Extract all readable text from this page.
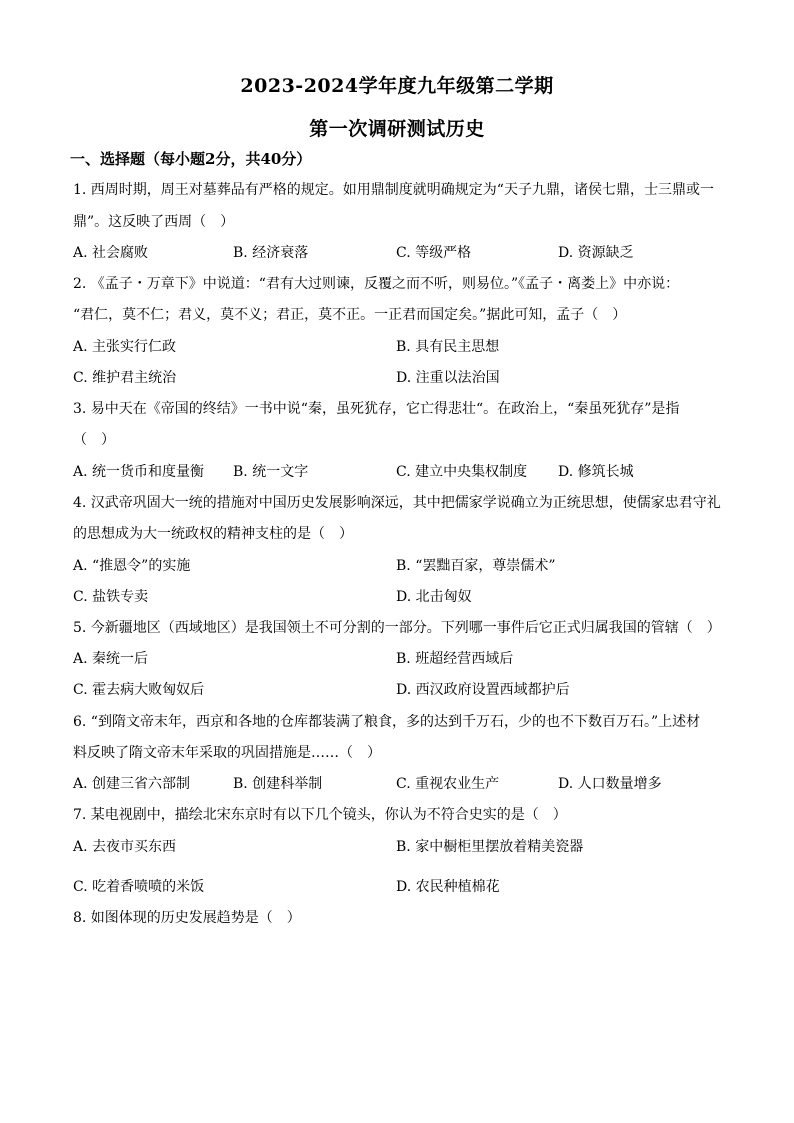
2023-2024学年度九年级第二学期
第一次调研测试历史
一、选择题（每小题2分，共40分）
1. 西周时期，周王对墓葬品有严格的规定。如用鼎制度就明确规定为“天子九鼎，诸侯七鼎，士三鼎或一
鼎”。这反映了西周（　）
A. 社会腐败	B. 经济衰落	C. 等级严格	D. 资源缺乏
2. 《孟子・万章下》中说道：“君有大过则谏，反覆之而不听，则易位。”《孟子・离娄上》中亦说：
“君仁，莫不仁；君义，莫不义；君正，莫不正。一正君而国定矣。”据此可知，孟子（　）
A. 主张实行仁政	B. 具有民主思想
C. 维护君主统治	D. 注重以法治国
3. 易中天在《帝国的终结》一书中说“秦，虽死犹存，它亡得悲壮“。在政治上，“秦虽死犹存”是指
（　）
A. 统一货币和度量衡 B. 统一文字	C. 建立中央集权制度 D. 修筑长城
4. 汉武帝巩固大一统的措施对中国历史发展影响深远，其中把儒家学说确立为正统思想，使儒家忠君守礼
的思想成为大一统政权的精神支柱的是（　）
A. “推恩令”的实施	B. “罢黜百家，尊崇儒术”
C. 盐铁专卖	D. 北击匈奴
5. 今新疆地区（西域地区）是我国领土不可分割的一部分。下列哪一事件后它正式归属我国的管辖（　）
A. 秦统一后	B. 班超经营西域后
C. 霍去病大败匈奴后	D. 西汉政府设置西域都护后
6. “到隋文帝末年，西京和各地的仓库都装满了粮食，多的达到千万石，少的也不下数百万石。”上述材
料反映了隋文帝末年采取的巩固措施是……（　）
A. 创建三省六部制	B. 创建科举制	C. 重视农业生产	D. 人口数量增多
7. 某电视剧中，描绘北宋东京时有以下几个镜头，你认为不符合史实的是（　）
A. 去夜市买东西	B. 家中橱柜里摆放着精美瓷器
C. 吃着香喷喷的米饭	D. 农民种植棉花
8. 如图体现的历史发展趋势是（　）
